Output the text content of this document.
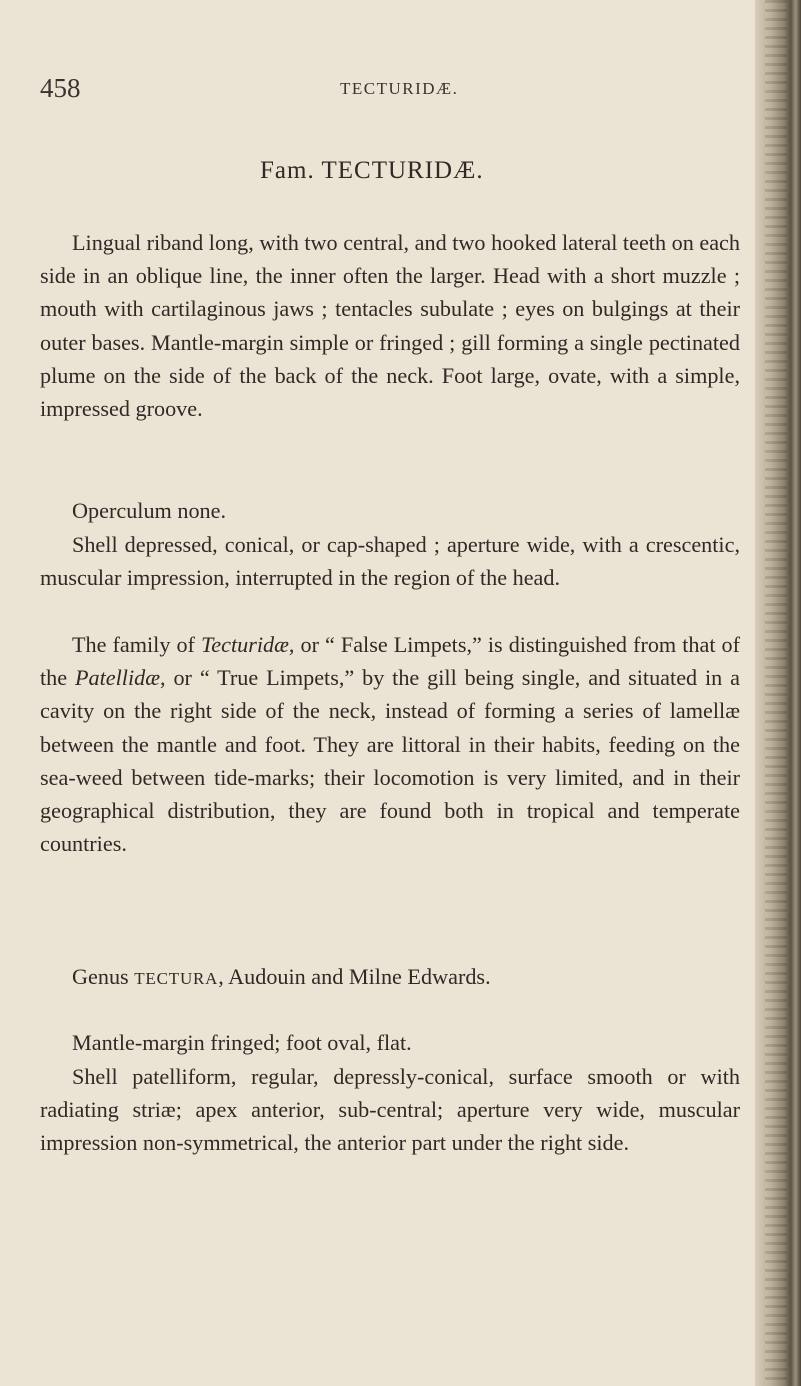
458	TECTURIDÆ.
Fam. TECTURIDÆ.

Lingual riband long, with two central, and two hooked lateral teeth on each side in an oblique line, the inner often the larger. Head with a short muzzle ; mouth with cartilaginous jaws ; tentacles subulate ; eyes on bulgings at their outer bases. Mantle-margin simple or fringed ; gill forming a single pectinated plume on the side of the back of the neck. Foot large, ovate, with a simple, impressed groove.

Operculum none.

Shell depressed, conical, or cap-shaped ; aperture wide, with a crescentic, muscular impression, interrupted in the region of the head.

The family of Tecturidæ, or “ False Limpets,” is distinguished from that of the Patellidæ, or “ True Limpets,” by the gill being single, and situated in a cavity on the right side of the neck, instead of forming a series of lamellæ between the mantle and foot. They are littoral in their habits, feeding on the sea-weed between tide-marks; their locomotion is very limited, and in their geographical distribution, they are found both in tropical and temperate countries.

Genus TECTURA, Audouin and Milne Edwards.

Mantle-margin fringed; foot oval, flat.

Shell patelliform, regular, depressly-conical, surface smooth or with radiating striæ; apex anterior, sub-central; aperture very wide, muscular impression non-symmetrical, the anterior part under the right side.
